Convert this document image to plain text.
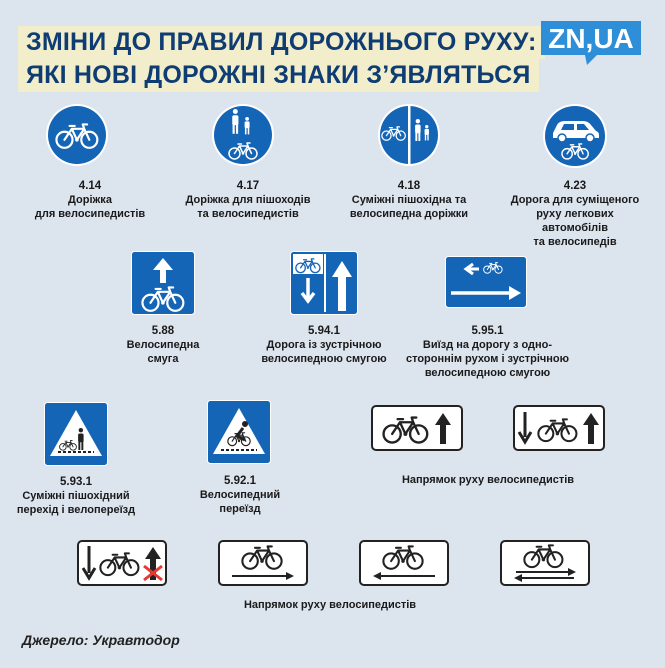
ЗМІНИ ДО ПРАВИЛ ДОРОЖНЬОГО РУХУ:
ЯКІ НОВІ ДОРОЖНІ ЗНАКИ З’ЯВЛЯТЬСЯ
ZN,UA
4.14
Доріжка
для велосипедистів
4.17
Доріжка для пішоходів
та велосипедистів
4.18
Суміжні пішохідна та
велосипедна доріжки
4.23
Дорога для суміщеного
руху легкових автомобілів
та велосипедів
5.88
Велосипедна
смуга
5.94.1
Дорога із зустрічною
велосипедною смугою
5.95.1
Виїзд на дорогу з одно-
стороннім рухом і зустрічною
велосипедною смугою
5.93.1
Суміжні пішохідний
перехід і велопереїзд
5.92.1
Велосипедний
переїзд
Напрямок руху велосипедистів
Напрямок руху велосипедистів
Джерело: Укравтодор
